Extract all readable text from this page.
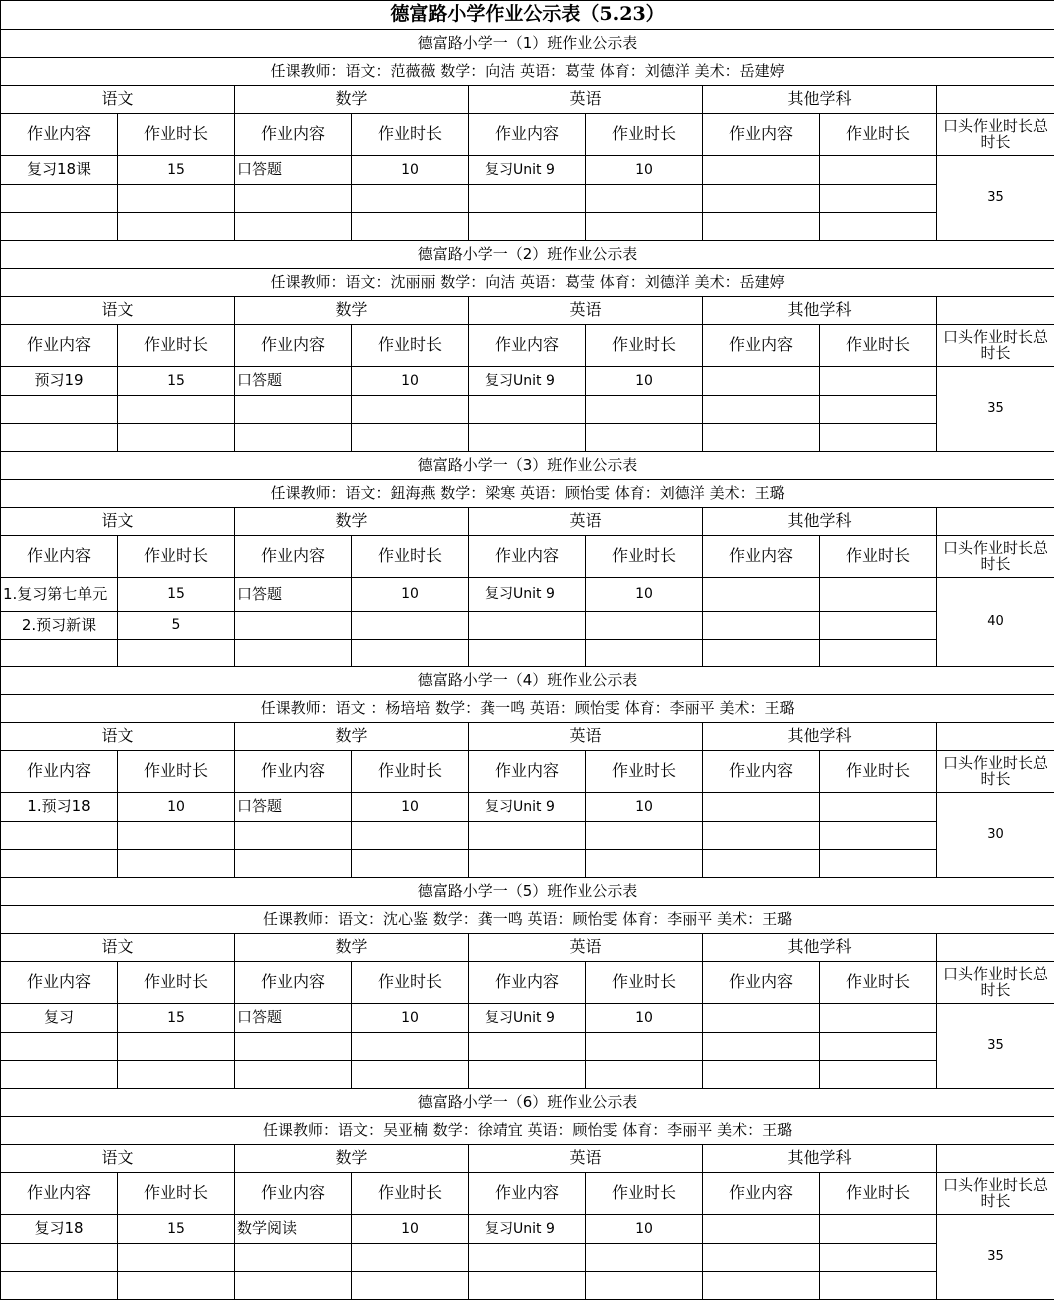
德富路小学作业公示表（5.23）								
德富路小学一（1）班作业公示表								
任课教师：语文：范薇薇 数学：向洁 英语：葛莹 体育：刘德洋 美术：岳建婷								
语文		数学		英语		其他学科		
作业内容	作业时长	作业内容	作业时长	作业内容	作业时长	作业内容	作业时长	口头作业时长总时长
复习18课	15	口答题	10	复习Unit 9	10			35

德富路小学一（2）班作业公示表								
任课教师：语文：沈丽丽 数学：向洁 英语：葛莹 体育：刘德洋 美术：岳建婷								
语文		数学		英语		其他学科		
作业内容	作业时长	作业内容	作业时长	作业内容	作业时长	作业内容	作业时长	口头作业时长总时长
预习19	15	口答题	10	复习Unit 9	10			35

德富路小学一（3）班作业公示表								
任课教师：语文：鈕海燕 数学：梁寒 英语：顾怡雯 体育：刘德洋 美术：王璐								
语文		数学		英语		其他学科		
作业内容	作业时长	作业内容	作业时长	作业内容	作业时长	作业内容	作业时长	口头作业时长总时长
1.复习第七单元	15	口答题	10	复习Unit 9	10			40
2.预习新课	5							

德富路小学一（4）班作业公示表								
任课教师：语文 ：杨培培 数学：龚一鸣 英语：顾怡雯 体育：李丽平 美术：王璐								
语文		数学		英语		其他学科		
作业内容	作业时长	作业内容	作业时长	作业内容	作业时长	作业内容	作业时长	口头作业时长总时长
1.预习18	10	口答题	10	复习Unit 9	10			30

德富路小学一（5）班作业公示表								
任课教师：语文：沈心鉴 数学：龚一鸣 英语：顾怡雯 体育：李丽平 美术：王璐								
语文		数学		英语		其他学科		
作业内容	作业时长	作业内容	作业时长	作业内容	作业时长	作业内容	作业时长	口头作业时长总时长
复习	15	口答题	10	复习Unit 9	10			35

德富路小学一（6）班作业公示表								
任课教师：语文：吴亚楠 数学：徐靖宜 英语：顾怡雯 体育：李丽平 美术：王璐								
语文		数学		英语		其他学科		
作业内容	作业时长	作业内容	作业时长	作业内容	作业时长	作业内容	作业时长	口头作业时长总时长
复习18	15	数学阅读	10	复习Unit 9	10			35
